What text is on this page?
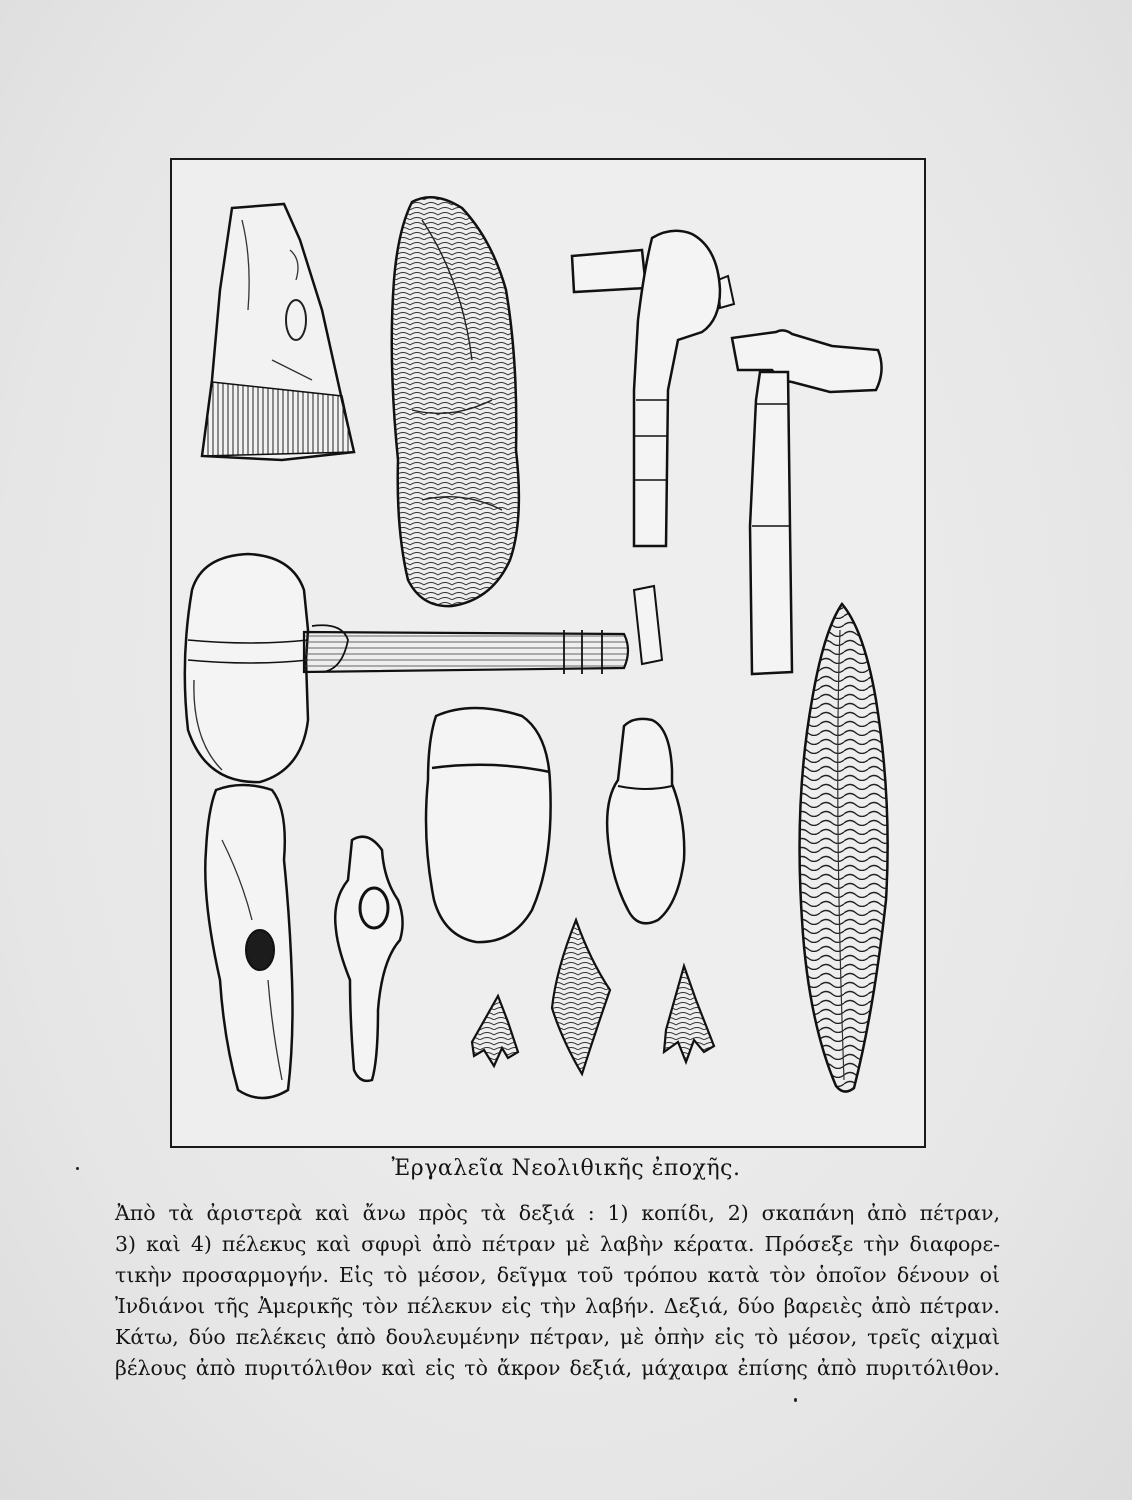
Ἐργαλεῖα Νεολιθικῆς ἐποχῆς.
Ἀπὸ τὰ ἀριστερὰ καὶ ἄνω πρὸς τὰ δεξιά : 1) κοπίδι, 2) σκαπάνη ἀπὸ πέτραν,
3) καὶ 4) πέλεκυς καὶ σφυρὶ ἀπὸ πέτραν μὲ λαβὴν κέρατα. Πρόσεξε τὴν διαφορε-
τικὴν προσαρμογήν. Εἰς τὸ μέσον, δεῖγμα τοῦ τρόπου κατὰ τὸν ὁποῖον δένουν οἱ
Ἰνδιάνοι τῆς Ἀμερικῆς τὸν πέλεκυν εἰς τὴν λαβήν. Δεξιά, δύο βαρειὲς ἀπὸ πέτραν.
Κάτω, δύο πελέκεις ἀπὸ δουλευμένην πέτραν, μὲ ὀπὴν εἰς τὸ μέσον, τρεῖς αἰχμαὶ
βέλους ἀπὸ πυριτόλιθον καὶ εἰς τὸ ἄκρον δεξιά, μάχαιρα ἐπίσης ἀπὸ πυριτόλιθον.
